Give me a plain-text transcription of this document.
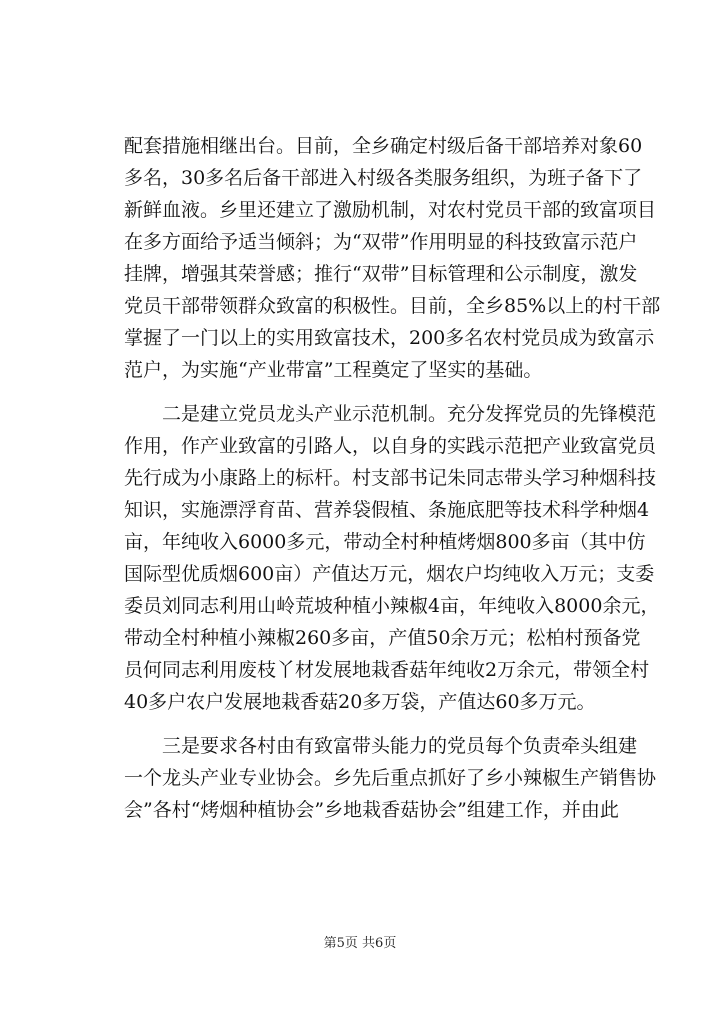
配套措施相继出台。目前，全乡确定村级后备干部培养对象60
多名，30多名后备干部进入村级各类服务组织，为班子备下了
新鲜血液。乡里还建立了激励机制，对农村党员干部的致富项目
在多方面给予适当倾斜；为“双带”作用明显的科技致富示范户
挂牌，增强其荣誉感；推行“双带”目标管理和公示制度，激发
党员干部带领群众致富的积极性。目前，全乡85%以上的村干部
掌握了一门以上的实用致富技术，200多名农村党员成为致富示
范户，为实施“产业带富”工程奠定了坚实的基础。
　　二是建立党员龙头产业示范机制。充分发挥党员的先锋模范
作用，作产业致富的引路人，以自身的实践示范把产业致富党员
先行成为小康路上的标杆。村支部书记朱同志带头学习种烟科技
知识，实施漂浮育苗、营养袋假植、条施底肥等技术科学种烟4
亩，年纯收入6000多元，带动全村种植烤烟800多亩（其中仿
国际型优质烟600亩）产值达万元，烟农户均纯收入万元；支委
委员刘同志利用山岭荒坡种植小辣椒4亩，年纯收入8000余元，
带动全村种植小辣椒260多亩，产值50余万元；松柏村预备党
员何同志利用废枝丫材发展地栽香菇年纯收2万余元，带领全村
40多户农户发展地栽香菇20多万袋，产值达60多万元。
　　三是要求各村由有致富带头能力的党员每个负责牵头组建
一个龙头产业专业协会。乡先后重点抓好了乡小辣椒生产销售协
会”各村“烤烟种植协会”乡地栽香菇协会”组建工作，并由此
第5页 共6页
